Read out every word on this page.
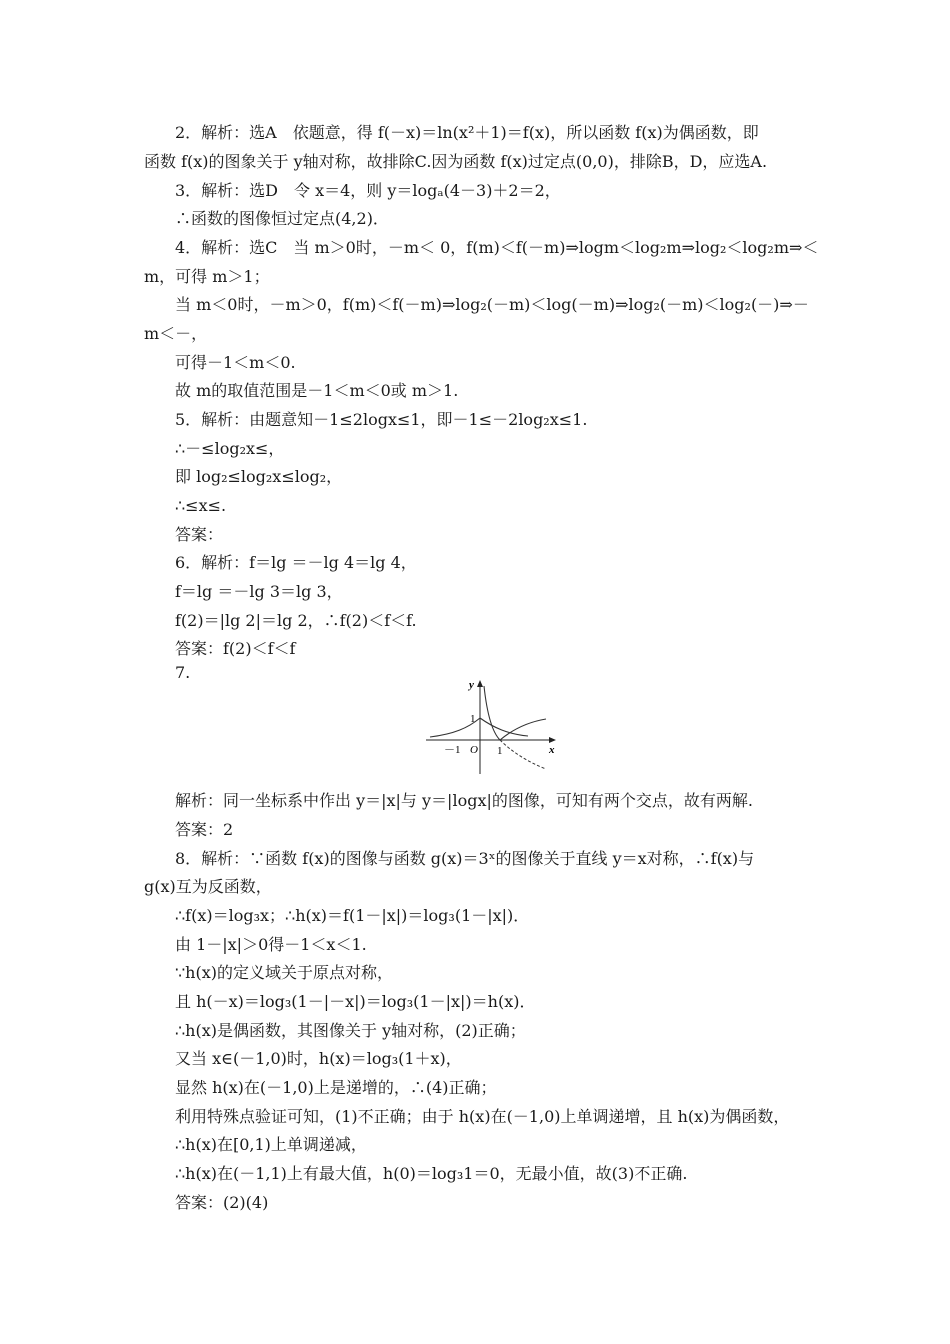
2．解析：选A　依题意，得 f(－x)＝ln(x²＋1)＝f(x)，所以函数 f(x)为偶函数，即
函数 f(x)的图象关于 y轴对称，故排除C.因为函数 f(x)过定点(0,0)，排除B，D，应选A.
3．解析：选D　令 x＝4，则 y＝logₐ(4－3)＋2＝2，
∴函数的图像恒过定点(4,2)．
4．解析：选C　当 m＞0时，－m＜ 0，f(m)＜f(－m)⇒logm＜log₂m⇒log₂＜log₂m⇒＜
m，可得 m＞1；
当 m＜0时，－m＞0，f(m)＜f(－m)⇒log₂(－m)＜log(－m)⇒log₂(－m)＜log₂(－)⇒－
m＜－，
可得－1＜m＜0.
故 m的取值范围是－1＜m＜0或 m＞1.
5．解析：由题意知－1≤2logx≤1，即－1≤－2log₂x≤1.
∴－≤log₂x≤，
即 log₂≤log₂x≤log₂，
∴≤x≤.
答案：
6．解析：f＝lg ＝－lg 4＝lg 4，
f＝lg ＝－lg 3＝lg 3，
f(2)＝|lg 2|＝lg 2，∴f(2)＜f＜f.
答案：f(2)＜f＜f
7.
y
x
1
－1 O 1
解析：同一坐标系中作出 y＝|x|与 y＝|logx|的图像，可知有两个交点，故有两解.
答案：2
8．解析：∵函数 f(x)的图像与函数 g(x)＝3ˣ的图像关于直线 y＝x对称，∴f(x)与
g(x)互为反函数，
∴f(x)＝log₃x；∴h(x)＝f(1－|x|)＝log₃(1－|x|)．
由 1－|x|＞0得－1＜x＜1.
∵h(x)的定义域关于原点对称，
且 h(－x)＝log₃(1－|－x|)＝log₃(1－|x|)＝h(x)．
∴h(x)是偶函数，其图像关于 y轴对称，(2)正确；
又当 x∈(－1,0)时，h(x)＝log₃(1＋x)，
显然 h(x)在(－1,0)上是递增的，∴(4)正确；
利用特殊点验证可知，(1)不正确；由于 h(x)在(－1,0)上单调递增，且 h(x)为偶函数，
∴h(x)在[0,1)上单调递减，
∴h(x)在(－1,1)上有最大值，h(0)＝log₃1＝0，无最小值，故(3)不正确.
答案：(2)(4)
